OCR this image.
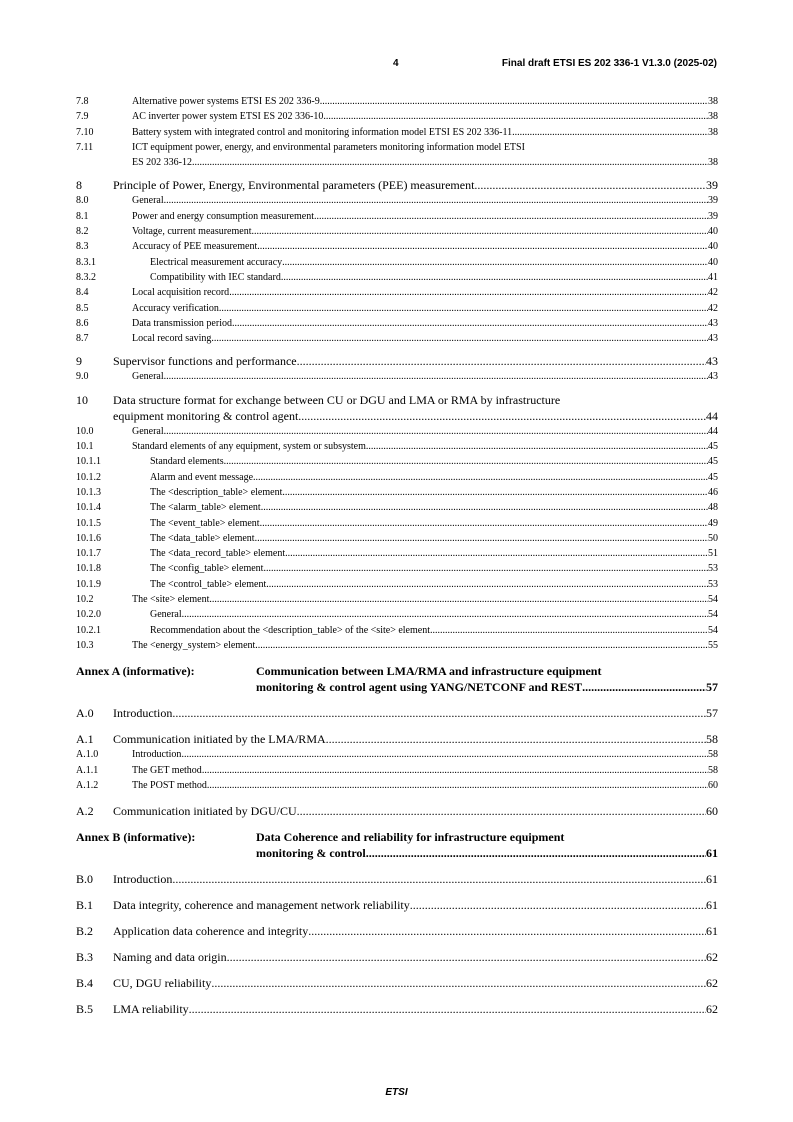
4	Final draft ETSI ES 202 336-1 V1.3.0 (2025-02)
7.8	Alternative power systems ETSI ES 202 336-9 .....	38
7.9	AC inverter power system ETSI ES 202 336-10 .....	38
7.10	Battery system with integrated control and monitoring information model ETSI ES 202 336-11 .....	38
7.11	ICT equipment power, energy, and environmental parameters monitoring information model ETSI
ES 202 336-12 .....	38
8	Principle of Power, Energy, Environmental parameters (PEE) measurement .....	39
8.0	General .....	39
8.1	Power and energy consumption measurement .....	39
8.2	Voltage, current measurement .....	40
8.3	Accuracy of PEE measurement .....	40
8.3.1	Electrical measurement accuracy .....	40
8.3.2	Compatibility with IEC standard .....	41
8.4	Local acquisition record .....	42
8.5	Accuracy verification .....	42
8.6	Data transmission period .....	43
8.7	Local record saving .....	43
9	Supervisor functions and performance .....	43
9.0	General .....	43
10	Data structure format for exchange between CU or DGU and LMA or RMA by infrastructure
equipment monitoring & control agent .....	44
10.0	General .....	44
10.1	Standard elements of any equipment, system or subsystem .....	45
10.1.1	Standard elements .....	45
10.1.2	Alarm and event message .....	45
10.1.3	The <description_table> element .....	46
10.1.4	The <alarm_table> element .....	48
10.1.5	The <event_table> element .....	49
10.1.6	The <data_table> element .....	50
10.1.7	The <data_record_table> element .....	51
10.1.8	The <config_table> element .....	53
10.1.9	The <control_table> element .....	53
10.2	The <site> element .....	54
10.2.0	General .....	54
10.2.1	Recommendation about the <description_table> of the <site> element .....	54
10.3	The <energy_system> element .....	55
Annex A (informative):	Communication between LMA/RMA and infrastructure equipment
monitoring & control agent using YANG/NETCONF and REST .....	57
A.0	Introduction .....	57
A.1	Communication initiated by the LMA/RMA .....	58
A.1.0	Introduction .....	58
A.1.1	The GET method .....	58
A.1.2	The POST method .....	60
A.2	Communication initiated by DGU/CU .....	60
Annex B (informative):	Data Coherence and reliability for infrastructure equipment
monitoring & control .....	61
B.0	Introduction .....	61
B.1	Data integrity, coherence and management network reliability .....	61
B.2	Application data coherence and integrity .....	61
B.3	Naming and data origin .....	62
B.4	CU, DGU reliability .....	62
B.5	LMA reliability .....	62
ETSI
